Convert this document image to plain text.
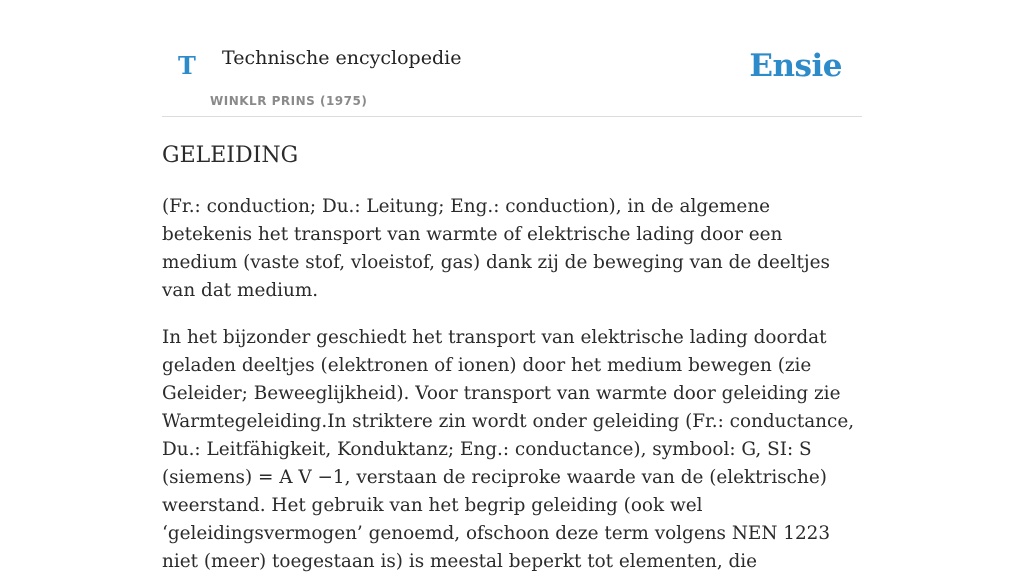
T Technische encyclopedie
WINKLR PRINS (1975)
Ensie
GELEIDING

(Fr.: conduction; Du.: Leitung; Eng.: conduction), in de algemene betekenis het transport van warmte of elektrische lading door een medium (vaste stof, vloeistof, gas) dank zij de beweging van de deeltjes van dat medium.

In het bijzonder geschiedt het transport van elektrische lading doordat geladen deeltjes (elektronen of ionen) door het medium bewegen (zie Geleider; Beweeglijkheid). Voor transport van warmte door geleiding zie Warmtegeleiding.In striktere zin wordt onder geleiding (Fr.: conductance, Du.: Leitfähigkeit, Konduktanz; Eng.: conductance), symbool: G, SI: S (siemens) = A V −1, verstaan de reciproke waarde van de (elektrische) weerstand. Het gebruik van het begrip geleiding (ook wel ‘geleidingsvermogen’ genoemd, ofschoon deze term volgens NEN 1223 niet (meer) toegestaan is) is meestal beperkt tot elementen, die
